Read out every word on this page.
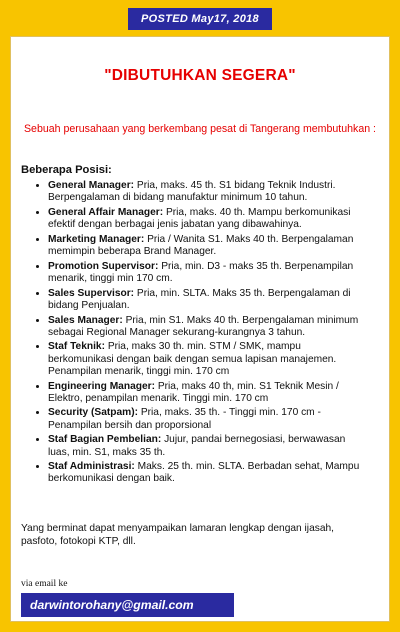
POSTED May17, 2018
"DIBUTUHKAN SEGERA"
Sebuah perusahaan yang berkembang pesat di Tangerang membutuhkan :
Beberapa Posisi:
• General Manager: Pria, maks. 45 th. S1 bidang Teknik Industri. Berpengalaman di bidang manufaktur minimum 10 tahun.
• General Affair Manager: Pria, maks. 40 th. Mampu berkomunikasi efektif dengan berbagai jenis jabatan yang dibawahinya.
• Marketing Manager: Pria / Wanita S1. Maks 40 th. Berpengalaman memimpin beberapa Brand Manager.
• Promotion Supervisor: Pria, min. D3 - maks 35 th. Berpenampilan menarik, tinggi min 170 cm.
• Sales Supervisor: Pria, min. SLTA. Maks 35 th. Berpengalaman di bidang Penjualan.
• Sales Manager: Pria, min S1. Maks 40 th. Berpengalaman minimum sebagai Regional Manager sekurang-kurangnya 3 tahun.
• Staf Teknik: Pria, maks 30 th. min. STM / SMK, mampu berkomunikasi dengan baik dengan semua lapisan manajemen. Penampilan menarik, tinggi min. 170 cm
• Engineering Manager: Pria, maks 40 th, min. S1 Teknik Mesin / Elektro, penampilan menarik. Tinggi min. 170 cm
• Security (Satpam): Pria, maks. 35 th. - Tinggi min. 170 cm - Penampilan bersih dan proporsional
• Staf Bagian Pembelian: Jujur, pandai bernegosiasi, berwawasan luas, min. S1, maks 35 th.
• Staf Administrasi: Maks. 25 th. min. SLTA. Berbadan sehat, Mampu berkomunikasi dengan baik.
Yang berminat dapat menyampaikan lamaran lengkap dengan ijasah, pasfoto, fotokopi KTP, dll.
via email ke
darwintorohany@gmail.com
